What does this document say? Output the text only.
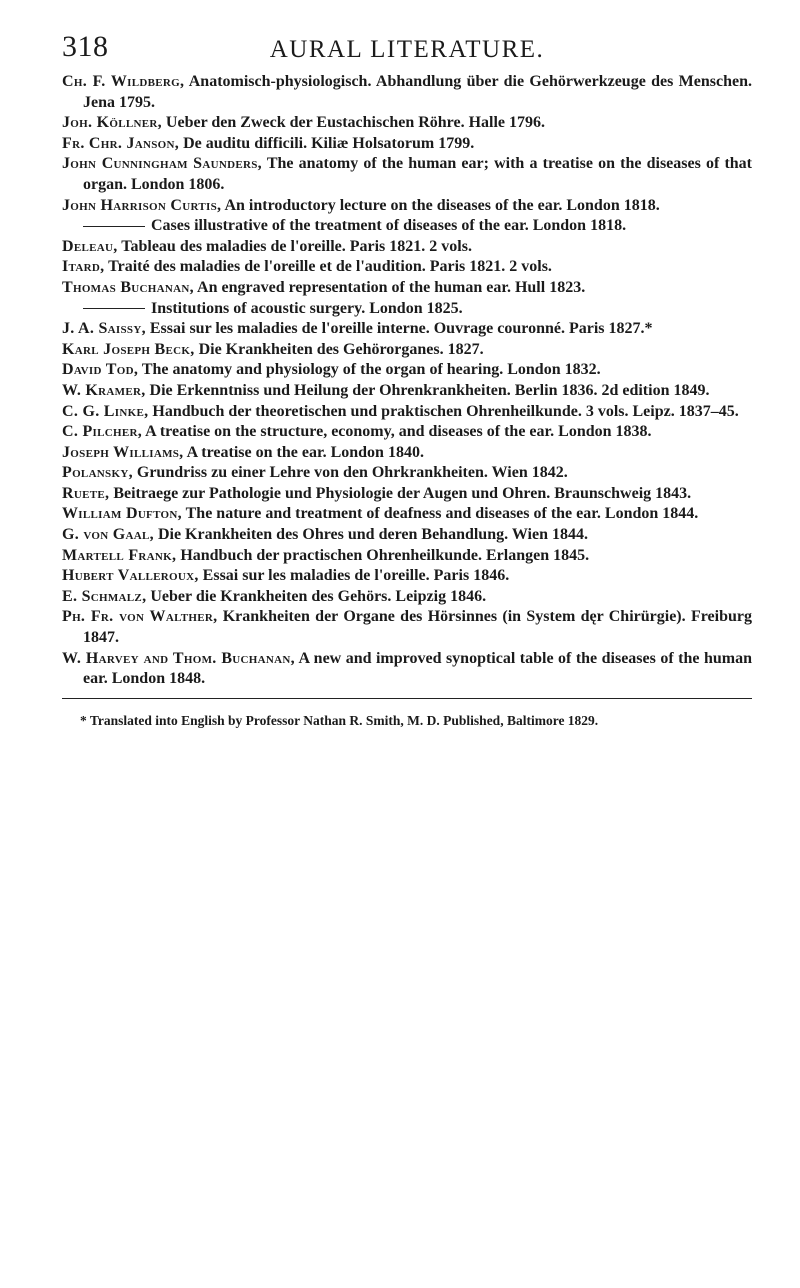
318	AURAL LITERATURE.
Ch. F. Wildberg, Anatomisch-physiologisch. Abhandlung über die Gehörwerkzeuge des Menschen. Jena 1795.
Joh. Köllner, Ueber den Zweck der Eustachischen Röhre. Halle 1796.
Fr. Chr. Janson, De auditu difficili. Kiliæ Holsatorum 1799.
John Cunningham Saunders, The anatomy of the human ear; with a treatise on the diseases of that organ. London 1806.
John Harrison Curtis, An introductory lecture on the diseases of the ear. London 1818.
Cases illustrative of the treatment of diseases of the ear. London 1818.
Deleau, Tableau des maladies de l'oreille. Paris 1821. 2 vols.
Itard, Traité des maladies de l'oreille et de l'audition. Paris 1821. 2 vols.
Thomas Buchanan, An engraved representation of the human ear. Hull 1823.
Institutions of acoustic surgery. London 1825.
J. A. Saissy, Essai sur les maladies de l'oreille interne. Ouvrage couronné. Paris 1827.*
Karl Joseph Beck, Die Krankheiten des Gehörorganes. 1827.
David Tod, The anatomy and physiology of the organ of hearing. London 1832.
W. Kramer, Die Erkenntniss und Heilung der Ohrenkrankheiten. Berlin 1836. 2d edition 1849.
C. G. Linke, Handbuch der theoretischen und praktischen Ohrenheilkunde. 3 vols. Leipz. 1837–45.
C. Pilcher, A treatise on the structure, economy, and diseases of the ear. London 1838.
Joseph Williams, A treatise on the ear. London 1840.
Polansky, Grundriss zu einer Lehre von den Ohrkrankheiten. Wien 1842.
Ruete, Beitraege zur Pathologie und Physiologie der Augen und Ohren. Braunschweig 1843.
William Dufton, The nature and treatment of deafness and diseases of the ear. London 1844.
G. von Gaal, Die Krankheiten des Ohres und deren Behandlung. Wien 1844.
Martell Frank, Handbuch der practischen Ohrenheilkunde. Erlangen 1845.
Hubert Valleroux, Essai sur les maladies de l'oreille. Paris 1846.
E. Schmalz, Ueber die Krankheiten des Gehörs. Leipzig 1846.
Ph. Fr. von Walther, Krankheiten der Organe des Hörsinnes (in System dęr Chirürgie). Freiburg 1847.
W. Harvey and Thom. Buchanan, A new and improved synoptical table of the diseases of the human ear. London 1848.

* Translated into English by Professor Nathan R. Smith, M. D. Published, Baltimore 1829.
